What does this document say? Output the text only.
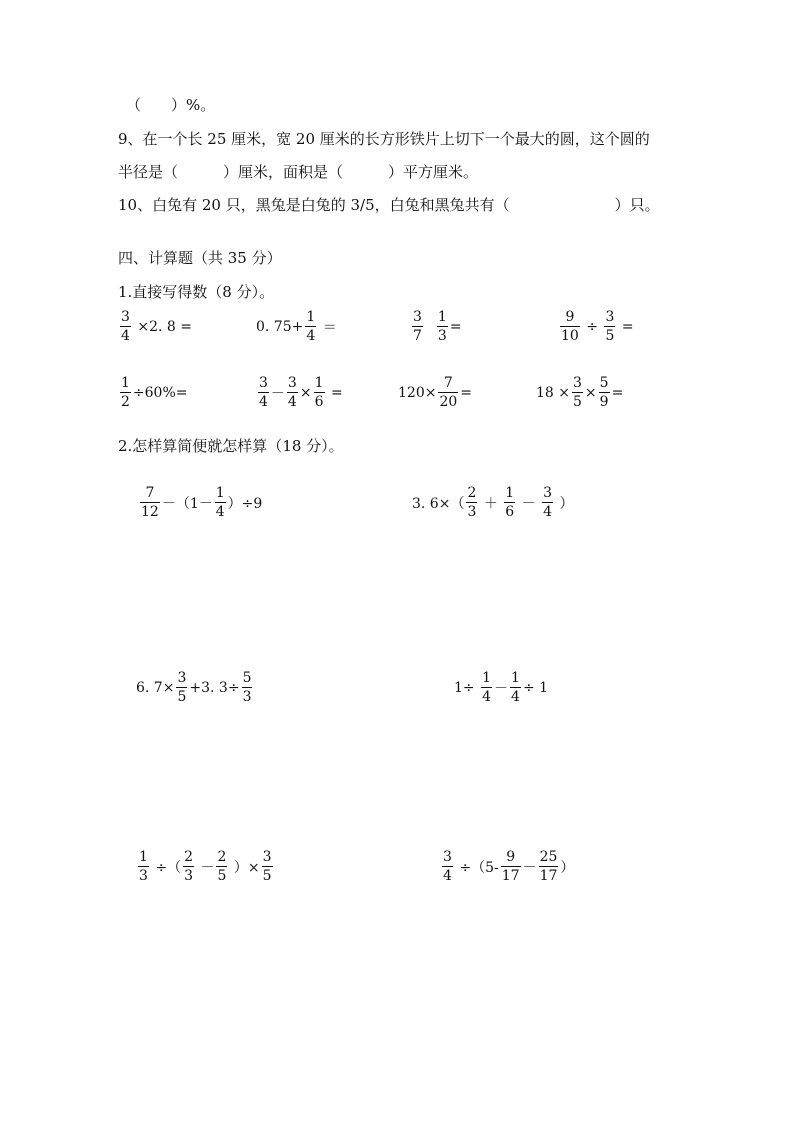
（　　）%。
9、在一个长 25 厘米，宽 20 厘米的长方形铁片上切下一个最大的圆，这个圆的
半径是（　　　）厘米，面积是（　　　）平方厘米。
10、白兔有 20 只，黑兔是白兔的 3/5，白兔和黑兔共有（　　　　　　　）只。
四、计算题（共 35 分）
1.直接写得数（8 分）。
$\frac{3}{4} \times 2$. 8 =	0. $75+ \frac{1}{4}$ ＝	$\frac{3}{7} \frac{1}{3}$ =	$\frac{9}{10} \div \frac{3}{5}$ =
$\frac{1}{2} \div 60\%=$	$\frac{3}{4} - \frac{3}{4} \times \frac{1}{6}$ =	$120\times \frac{7}{20}$ =	$18 \times \frac{3}{5} \times \frac{5}{9}$ =
2.怎样算简便就怎样算（18 分）。
$\frac{7}{12} -(1- \frac{1}{4} )\div 9$	3. $6\times( \frac{2}{3} + \frac{1}{6} - \frac{3}{4}$ ）
6. $7\times \frac{3}{5} +3$. $3\div \frac{5}{3}$	$1\div \frac{1}{4} - \frac{1}{4} \div 1$
$\frac{1}{3}$ ÷（ $\frac{2}{3} - \frac{2}{5}$ ）× $\frac{3}{5}$	$\frac{3}{4} \div(5- \frac{9}{17} - \frac{25}{17}$ ）
